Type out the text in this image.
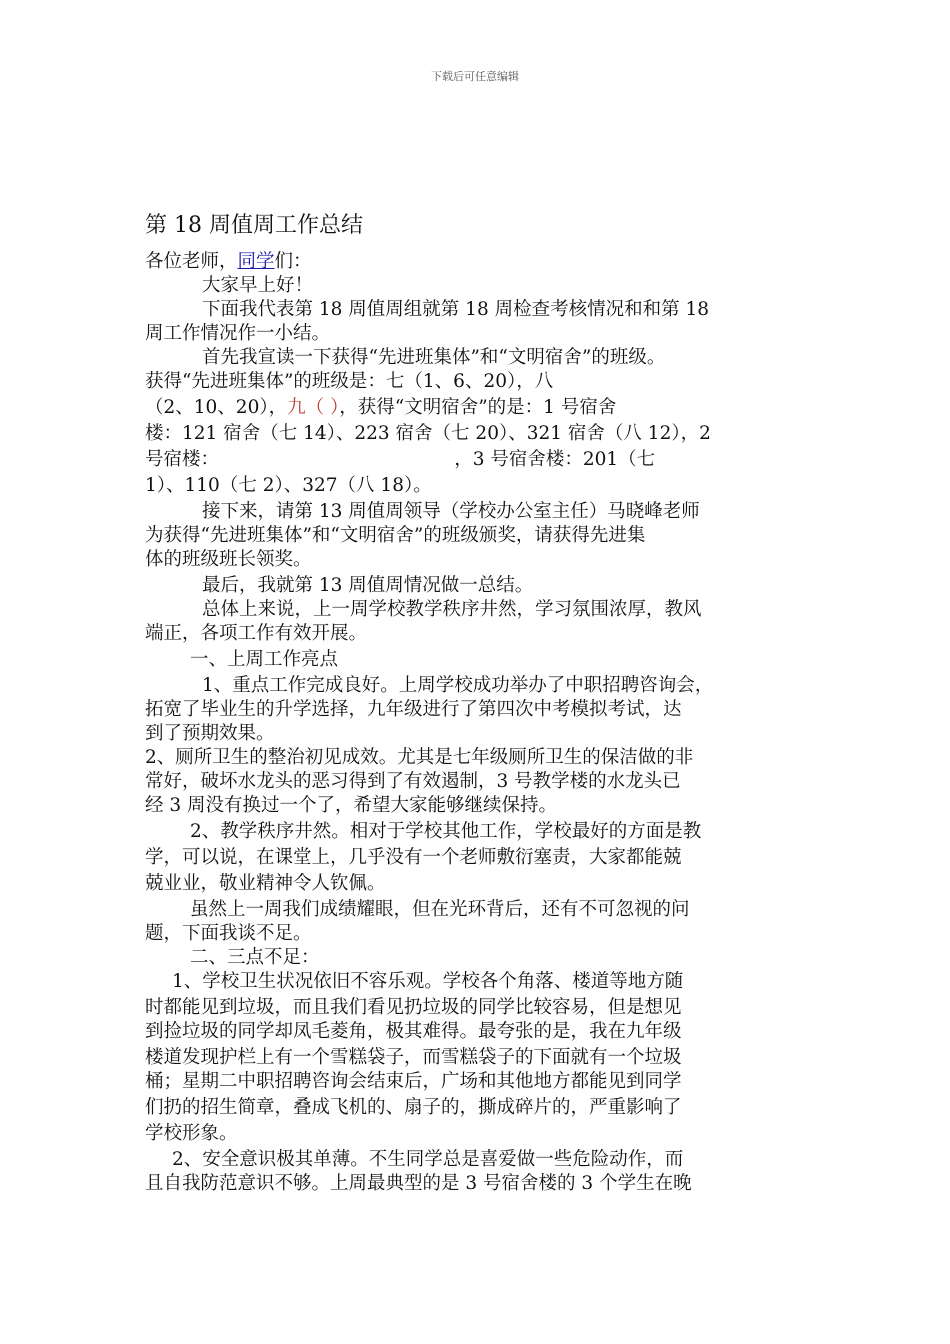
下载后可任意编辑
第 18 周值周工作总结
各位老师，同学们：
大家早上好！
下面我代表第 18 周值周组就第 18 周检查考核情况和和第 18
周工作情况作一小结。
首先我宣读一下获得“先进班集体”和“文明宿舍”的班级。
获得“先进班集体”的班级是：七（1、6、20），八
（2、10、20），九（ ），获得“文明宿舍”的是：1 号宿舍
楼：121 宿舍（七 14）、223 宿舍（七 20）、321 宿舍（八 12），2
号宿楼：                                        ，3 号宿舍楼：201（七
1）、110（七 2）、327（八 18）。
接下来，请第 13 周值周领导（学校办公室主任）马晓峰老师
为获得“先进班集体”和“文明宿舍”的班级颁奖，请获得先进集
体的班级班长领奖。
最后，我就第 13 周值周情况做一总结。
总体上来说，上一周学校教学秩序井然，学习氛围浓厚，教风
端正，各项工作有效开展。
一、上周工作亮点
1、重点工作完成良好。上周学校成功举办了中职招聘咨询会，
拓宽了毕业生的升学选择，九年级进行了第四次中考模拟考试，达
到了预期效果。
2、厕所卫生的整治初见成效。尤其是七年级厕所卫生的保洁做的非
常好，破坏水龙头的恶习得到了有效遏制，3 号教学楼的水龙头已
经 3 周没有换过一个了，希望大家能够继续保持。
2、教学秩序井然。相对于学校其他工作，学校最好的方面是教
学，可以说，在课堂上，几乎没有一个老师敷衍塞责，大家都能兢
兢业业，敬业精神令人钦佩。
虽然上一周我们成绩耀眼，但在光环背后，还有不可忽视的问
题，下面我谈不足。
二、三点不足：
1、学校卫生状况依旧不容乐观。学校各个角落、楼道等地方随
时都能见到垃圾，而且我们看见扔垃圾的同学比较容易，但是想见
到捡垃圾的同学却凤毛菱角，极其难得。最夸张的是，我在九年级
楼道发现护栏上有一个雪糕袋子，而雪糕袋子的下面就有一个垃圾
桶；星期二中职招聘咨询会结束后，广场和其他地方都能见到同学
们扔的招生简章，叠成飞机的、扇子的，撕成碎片的，严重影响了
学校形象。
2、安全意识极其单薄。不生同学总是喜爱做一些危险动作，而
且自我防范意识不够。上周最典型的是 3 号宿舍楼的 3 个学生在晚
